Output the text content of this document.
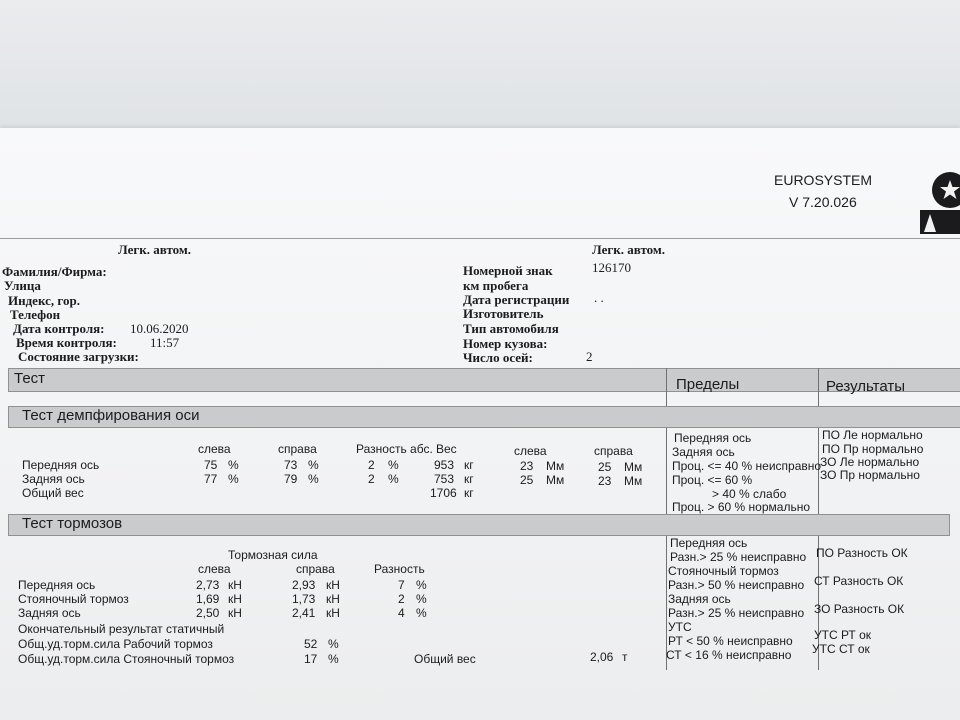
EUROSYSTEM
V 7.20.026
Легк. автом.	Легк. автом.
Фамилия/Фирма:
Улица
Индекс, гор.
Телефон
Дата контроля: 10.06.2020
Время контроля:	11:57
Состояние загрузки:
Номерной знак	126170
км пробега
Дата регистрации . .
Изготовитель
Тип автомобиля
Номер кузова:
Число осей:	2
Тест	Пределы	Результаты
Тест демпфирования оси
слева	справа	Разность абс. Вес	слева	справа
Передняя ось	75 %	73 %	2 %	953 кг	23 Мм	25 Мм
Задняя ось	77 %	79 %	2 %	753 кг	25 Мм	23 Мм
Общий вес	1706 кг
Передняя ось
Задняя ось
Проц. <= 40 % неисправно
Проц. <= 60 %
> 40 % слабо
Проц. > 60 % нормально
ПО Ле нормально
ПО Пр нормально
ЗО Ле нормально
ЗО Пр нормально
Тест тормозов
Тормозная сила
слева	справа	Разность
Передняя ось	2,73 кН	2,93 кН	7 %
Стояночный тормоз	1,69 кН	1,73 кН	2 %
Задняя ось	2,50 кН	2,41 кН	4 %
Окончательный результат статичный
Общ.уд.торм.сила Рабочий тормоз	52 %
Общ.уд.торм.сила Стояночный тормоз	17 %	Общий вес	2,06 т
Передняя ось
Разн.> 25 % неисправно
Стояночный тормоз
Разн.> 50 % неисправно
Задняя ось
Разн.> 25 % неисправно
УТС
РТ < 50 % неисправно
СТ < 16 % неисправно
ПО Разность ОК
СТ Разность ОК
ЗО Разность ОК
УТС РТ ок
УТС СТ ок
